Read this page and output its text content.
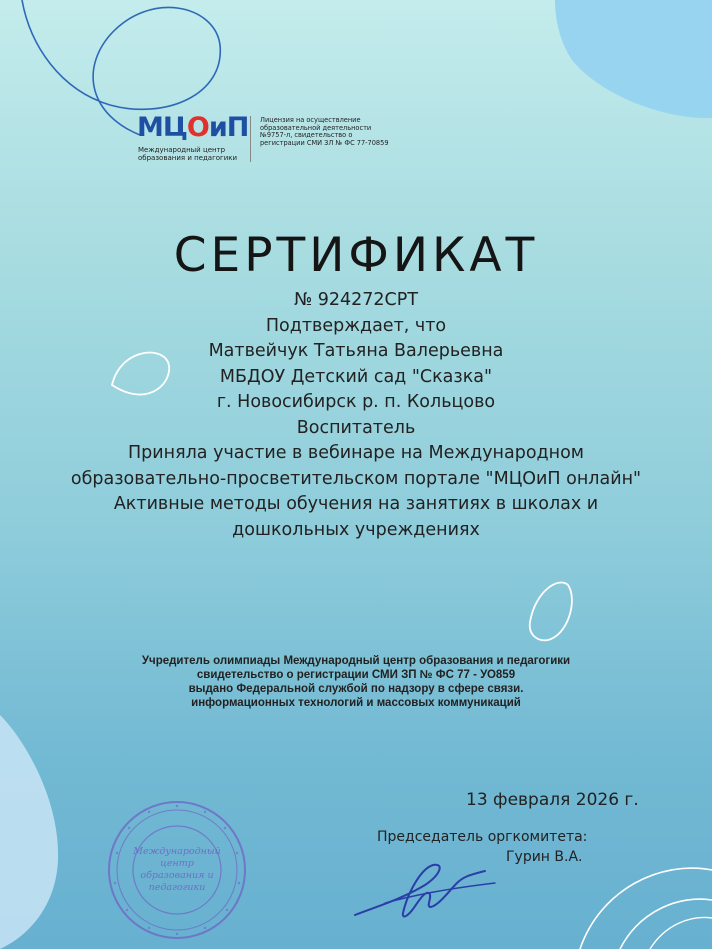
МЦОиП
Международный центр образования и педагогики
Лицензия на осуществление образовательной деятельности №9757-л, свидетельство о регистрации СМИ ЗЛ № ФС 77-70859
СЕРТИФИКАТ
№ 924272СРТ
Подтверждает, что
Матвейчук Татьяна Валерьевна
МБДОУ Детский сад "Сказка"
г. Новосибирск р. п. Кольцово
Воспитатель
Приняла участие в вебинаре на Международном
образовательно-просветительском портале "МЦОиП онлайн"
Активные методы обучения на занятиях в школах и дошкольных учреждениях
Учредитель олимпиады Международный центр образования и педагогики
свидетельство о регистрации СМИ ЗП № ФС 77 - УО859
выдано Федеральной службой по надзору в сфере связи.
информационных технологий и массовых коммуникаций
Международный
центр
образования и
педагогики
13 февраля 2026 г.
Председатель оргкомитета:
Гурин В.А.
